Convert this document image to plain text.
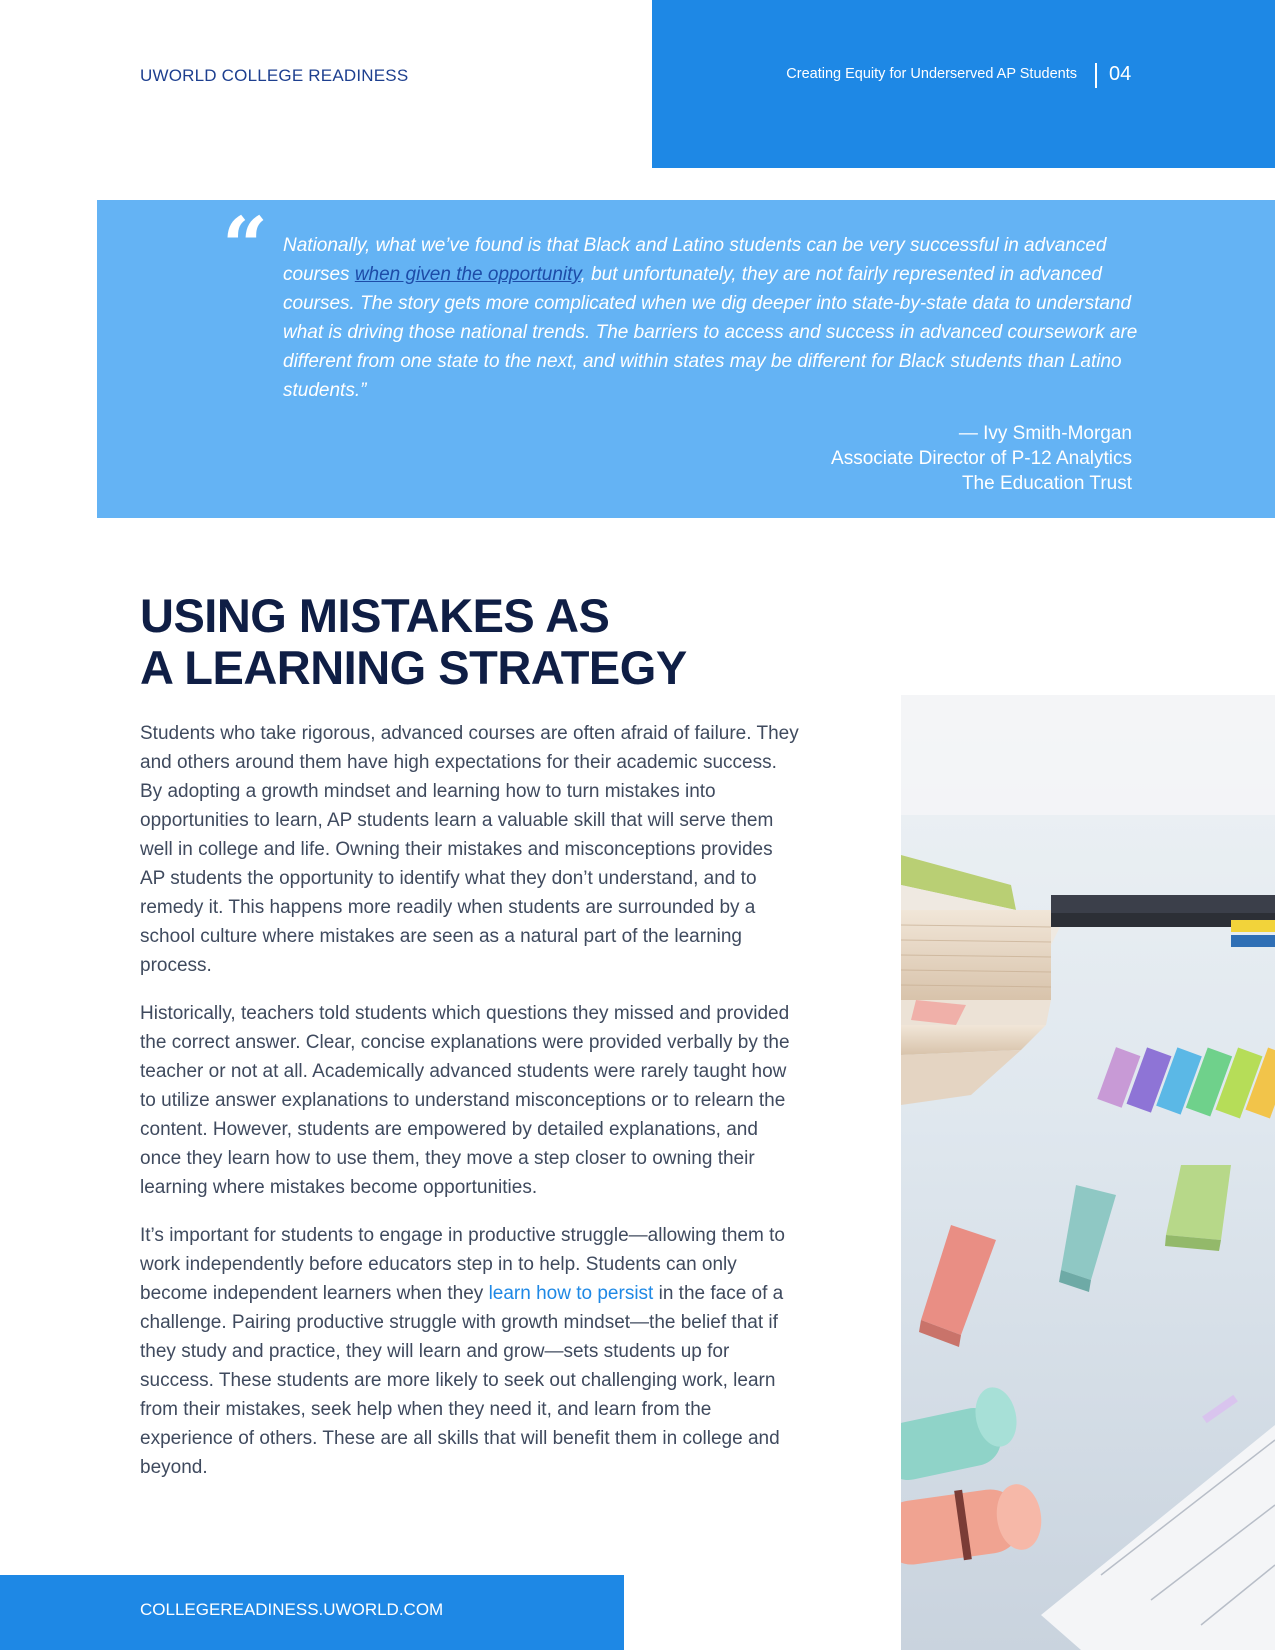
UWORLD COLLEGE READINESS	Creating Equity for Underserved AP Students 04
“ Nationally, what we’ve found is that Black and Latino students can be very successful in advanced courses when given the opportunity, but unfortunately, they are not fairly represented in advanced courses. The story gets more complicated when we dig deeper into state-by-state data to understand what is driving those national trends. The barriers to access and success in advanced coursework are different from one state to the next, and within states may be different for Black students than Latino students.”

— Ivy Smith-Morgan
Associate Director of P-12 Analytics
The Education Trust
USING MISTAKES AS
A LEARNING STRATEGY

Students who take rigorous, advanced courses are often afraid of failure. They and others around them have high expectations for their academic success. By adopting a growth mindset and learning how to turn mistakes into opportunities to learn, AP students learn a valuable skill that will serve them well in college and life. Owning their mistakes and misconceptions provides AP students the opportunity to identify what they don’t understand, and to remedy it. This happens more readily when students are surrounded by a school culture where mistakes are seen as a natural part of the learning process.

Historically, teachers told students which questions they missed and provided the correct answer. Clear, concise explanations were provided verbally by the teacher or not at all. Academically advanced students were rarely taught how to utilize answer explanations to understand misconceptions or to relearn the content. However, students are empowered by detailed explanations, and once they learn how to use them, they move a step closer to owning their learning where mistakes become opportunities.

It’s important for students to engage in productive struggle—allowing them to work independently before educators step in to help. Students can only become independent learners when they learn how to persist in the face of a challenge. Pairing productive struggle with growth mindset—the belief that if they study and practice, they will learn and grow—sets students up for success. These students are more likely to seek out challenging work, learn from their mistakes, seek help when they need it, and learn from the experience of others. These are all skills that will benefit them in college and beyond.

COLLEGEREADINESS.UWORLD.COM
